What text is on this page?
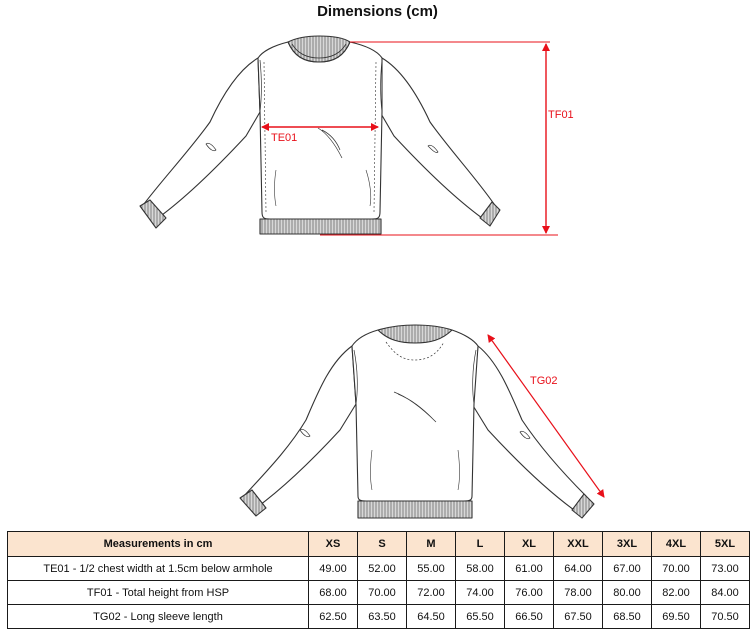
Dimensions (cm)
TE01
TF01
TG02
Measurements in cm	XS	S	M	L	XL	XXL	3XL	4XL	5XL
TE01 - 1/2 chest width at 1.5cm below armhole	49.00	52.00	55.00	58.00	61.00	64.00	67.00	70.00	73.00
TF01 - Total height from HSP	68.00	70.00	72.00	74.00	76.00	78.00	80.00	82.00	84.00
TG02 - Long sleeve length	62.50	63.50	64.50	65.50	66.50	67.50	68.50	69.50	70.50
